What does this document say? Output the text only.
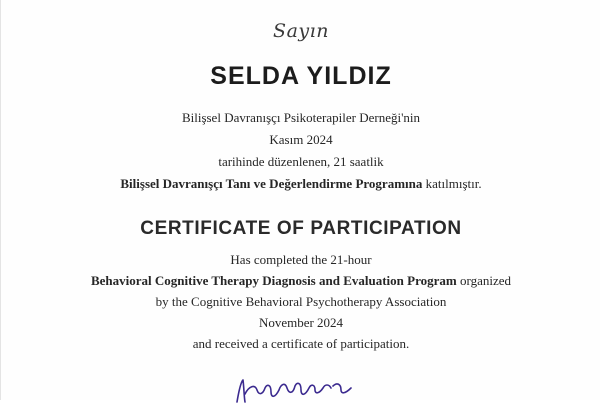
Sayın
SELDA YILDIZ
Bilişsel Davranışçı Psikoterapiler Derneği'nin
Kasım 2024
tarihinde düzenlenen, 21 saatlik
Bilişsel Davranışçı Tanı ve Değerlendirme Programına katılmıştır.
CERTIFICATE OF PARTICIPATION
Has completed the 21-hour
Behavioral Cognitive Therapy Diagnosis and Evaluation Program organized
by the Cognitive Behavioral Psychotherapy Association
November 2024
and received a certificate of participation.
